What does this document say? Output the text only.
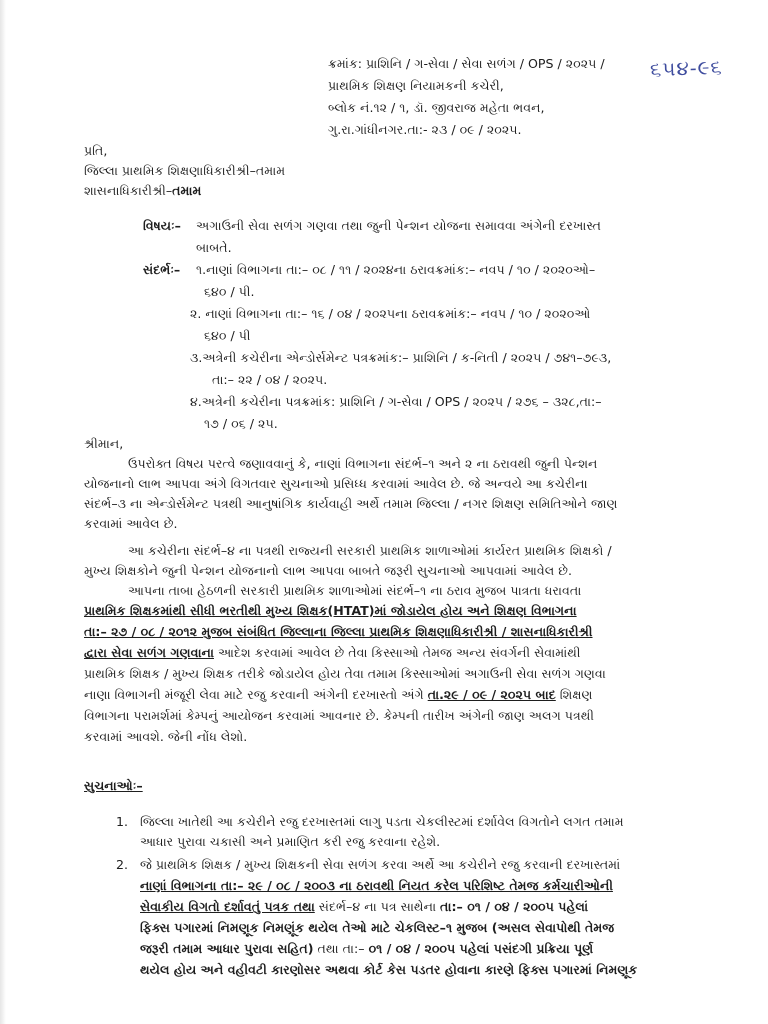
ક્રમાંક: પ્રાશિનિ / ગ-સેવા / સેવા સળંગ / OPS / ૨૦૨૫ / ૬૫૪-૯૬
પ્રાથમિક શિક્ષણ નિયામકની કચેરી,
બ્લોક નં.૧૨ / ૧, ડૉ. જીવરાજ મહેતા ભવન,
ગુ.રા.ગાંધીનગર.તા:- ૨૩ / ૦૯ / ૨૦૨૫.
પ્રતિ,
જિલ્લા પ્રાથમિક શિક્ષણાધિકારીશ્રી–તમામ
શાસનાધિકારીશ્રી–તમામ
વિષયઃ– અગાઉની સેવા સળંગ ગણવા તથા જુની પેન્શન યોજના સમાવવા અંગેની દરખાસ્ત
બાબતે.
સંદર્ભઃ– ૧.નાણાં વિભાગના તા:– ૦૮ / ૧૧ / ૨૦૨૪ના ઠરાવક્રમાંક:– નવપ / ૧૦ / ૨૦૨૦ઓ–
૬૪૦ / પી.
૨. નાણાં વિભાગના તા:– ૧૬ / ૦૪ / ૨૦૨૫ના ઠરાવક્રમાંક:– નવપ / ૧૦ / ૨૦૨૦ઓ
૬૪૦ / પી
૩.અત્રેની કચેરીના એન્ડોર્સમેન્ટ પત્રક્રમાંક:– પ્રાશિનિ / ક-નિતી / ૨૦૨૫ / ૭૪૧–૭૯૩,
તા:– ૨૨ / ૦૪ / ૨૦૨૫.
૪.અત્રેની કચેરીના પત્રક્રમાંક: પ્રાશિનિ / ગ-સેવા / OPS / ૨૦૨૫ / ૨૭૬ – ૩૨૮,તા:–
૧૭ / ૦૬ / ૨૫.
શ્રીમાન,
ઉપરોક્ત વિષય પરત્વે જણાવવાનું કે, નાણાં વિભાગના સંદર્ભ–૧ અને ૨ ના ઠરાવથી જુની પેન્શન
યોજનાનો લાભ આપવા અંગે વિગતવાર સુચનાઓ પ્રસિધ્ધ કરવામાં આવેલ છે. જે અન્વયે આ કચેરીના
સંદર્ભ–૩ ના એન્ડોર્સમેન્ટ પત્રથી આનુષાંગિક કાર્યવાહી અર્થે તમામ જિલ્લા / નગર શિક્ષણ સમિતિઓને જાણ
કરવામાં આવેલ છે.
આ કચેરીના સંદર્ભ–૪ ના પત્રથી રાજ્યની સરકારી પ્રાથમિક શાળાઓમાં કાર્યરત પ્રાથમિક શિક્ષકો /
મુખ્ય શિક્ષકોને જુની પેન્શન યોજનાનો લાભ આપવા બાબતે જરૂરી સુચનાઓ આપવામાં આવેલ છે.
આપના તાબા હેઠળની સરકારી પ્રાથમિક શાળાઓમાં સંદર્ભ–૧ ના ઠરાવ મુજબ પાત્રતા ધરાવતા
પ્રાથમિક શિક્ષકમાંથી સીધી ભરતીથી મુખ્ય શિક્ષક(HTAT)માં જોડાયેલ હોય અને શિક્ષણ વિભાગના
તા:– ૨૭ / ૦૮ / ૨૦૧૨ મુજબ સંબંધિત જિલ્લાના જિલ્લા પ્રાથમિક શિક્ષણાધિકારીશ્રી / શાસનાધિકારીશ્રી
દ્વારા સેવા સળંગ ગણવાના આદેશ કરવામાં આવેલ છે તેવા કિસ્સાઓ તેમજ અન્ય સંવર્ગની સેવામાંથી
પ્રાથમિક શિક્ષક / મુખ્ય શિક્ષક તરીકે જોડાયેલ હોય તેવા તમામ કિસ્સાઓમાં અગાઉની સેવા સળંગ ગણવા
નાણા વિભાગની મંજૂરી લેવા માટે રજુ કરવાની અંગેની દરખાસ્તો અંગે તા.૨૯ / ૦૯ / ૨૦૨૫ બાદ શિક્ષણ
વિભાગના પરામર્શમાં કેમ્પનું આયોજન કરવામાં આવનાર છે. કેમ્પની તારીખ અંગેની જાણ અલગ પત્રથી
કરવામાં આવશે. જેની નોંધ લેશો.
સુચનાઓઃ–
1. જિલ્લા ખાતેથી આ કચેરીને રજુ દરખાસ્તમાં લાગુ પડતા ચેકલીસ્ટમાં દર્શાવેલ વિગતોને લગત તમામ
આધાર પુરાવા ચકાસી અને પ્રમાણિત કરી રજુ કરવાના રહેશે.
2. જે પ્રાથમિક શિક્ષક / મુખ્ય શિક્ષકની સેવા સળંગ કરવા અર્થે આ કચેરીને રજુ કરવાની દરખાસ્તમાં
નાણાં વિભાગના તા:– ૨૯ / ૦૮ / ૨૦૦૩ ના ઠરાવથી નિયત કરેલ પરિશિષ્ટ તેમજ કર્મચારીઓની
સેવાકીય વિગતો દર્શાવતું પત્રક તથા સંદર્ભ–૪ ના પત્ર સાથેના તા:– ૦૧ / ૦૪ / ૨૦૦૫ પહેલાં
ફિક્સ પગારમાં નિમણૂક નિમણૂંક થયેલ તેઓ માટે ચેકલિસ્ટ–૧ મુજબ (અસલ સેવાપોથી તેમજ
જરૂરી તમામ આધાર પુરાવા સહિત) તથા તા:– ૦૧ / ૦૪ / ૨૦૦૫ પહેલાં પસંદગી પ્રક્રિયા પૂર્ણ
થયેલ હોય અને વહીવટી કારણોસર અથવા કોર્ટ કેસ પડતર હોવાના કારણે ફિક્સ પગારમાં નિમણૂક
